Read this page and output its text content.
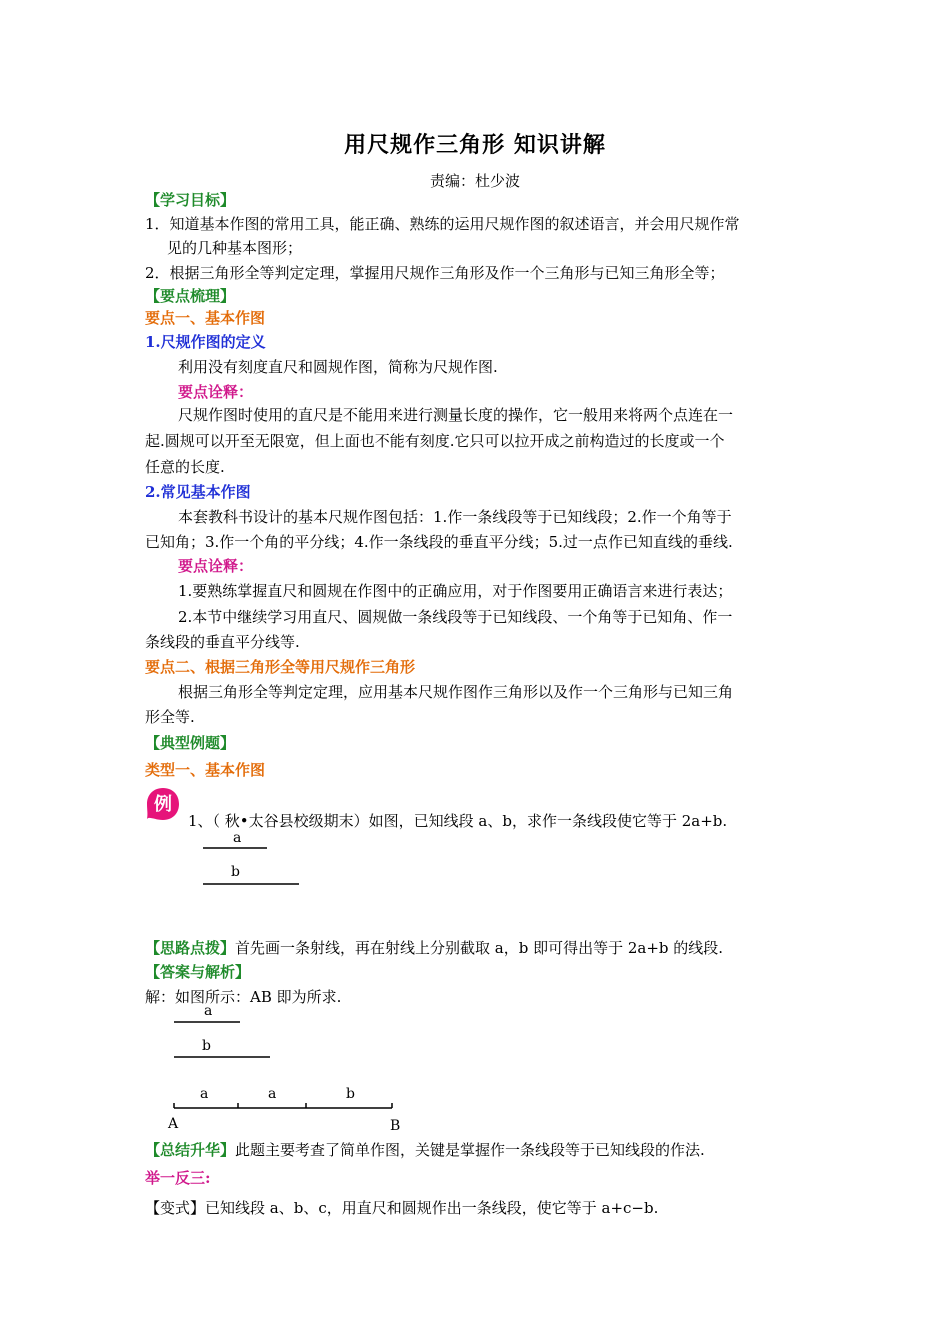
用尺规作三角形 知识讲解
责编：杜少波
【学习目标】
1．知道基本作图的常用工具，能正确、熟练的运用尺规作图的叙述语言，并会用尺规作常
见的几种基本图形；
2．根据三角形全等判定定理，掌握用尺规作三角形及作一个三角形与已知三角形全等；
【要点梳理】
要点一、基本作图
1.尺规作图的定义
利用没有刻度直尺和圆规作图，简称为尺规作图.
要点诠释：
尺规作图时使用的直尺是不能用来进行测量长度的操作，它一般用来将两个点连在一
起.圆规可以开至无限宽，但上面也不能有刻度.它只可以拉开成之前构造过的长度或一个
任意的长度.
2.常见基本作图
本套教科书设计的基本尺规作图包括：1.作一条线段等于已知线段；2.作一个角等于
已知角；3.作一个角的平分线；4.作一条线段的垂直平分线；5.过一点作已知直线的垂线.
要点诠释：
1.要熟练掌握直尺和圆规在作图中的正确应用，对于作图要用正确语言来进行表达；
2.本节中继续学习用直尺、圆规做一条线段等于已知线段、一个角等于已知角、作一
条线段的垂直平分线等.
要点二、根据三角形全等用尺规作三角形
根据三角形全等判定定理，应用基本尺规作图作三角形以及作一个三角形与已知三角
形全等.
【典型例题】
类型一、基本作图
例
1、（ 秋•太谷县校级期末）如图，已知线段 a、b，求作一条线段使它等于 2a+b.
a
b
【思路点拨】首先画一条射线，再在射线上分别截取 a，b 即可得出等于 2a+b 的线段.
【答案与解析】
解：如图所示：AB 即为所求.
a
b
a	a	b
A	B
【总结升华】此题主要考查了简单作图，关键是掌握作一条线段等于已知线段的作法.
举一反三:
【变式】已知线段 a、b、c，用直尺和圆规作出一条线段，使它等于 a+c−b.
